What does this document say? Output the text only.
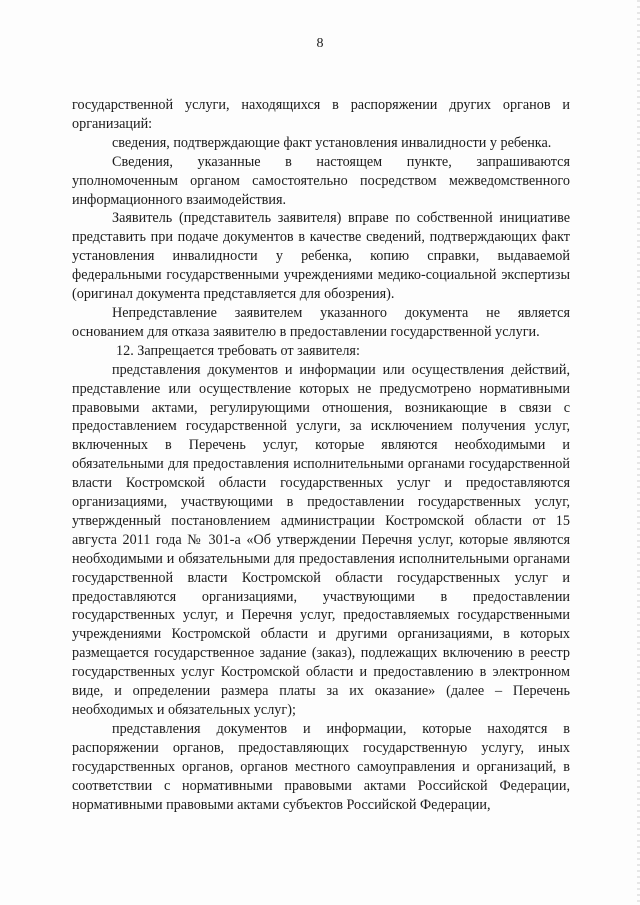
8

государственной услуги, находящихся в распоряжении других органов и организаций:

сведения, подтверждающие факт установления инвалидности у ребенка.

Сведения, указанные в настоящем пункте, запрашиваются уполномоченным органом самостоятельно посредством межведомственного информационного взаимодействия.

Заявитель (представитель заявителя) вправе по собственной инициативе представить при подаче документов в качестве сведений, подтверждающих факт установления инвалидности у ребенка, копию справки, выдаваемой федеральными государственными учреждениями медико-социальной экспертизы (оригинал документа представляется для обозрения).

Непредставление заявителем указанного документа не является основанием для отказа заявителю в предоставлении государственной услуги.

12. Запрещается требовать от заявителя:

представления документов и информации или осуществления действий, представление или осуществление которых не предусмотрено нормативными правовыми актами, регулирующими отношения, возникающие в связи с предоставлением государственной услуги, за исключением получения услуг, включенных в Перечень услуг, которые являются необходимыми и обязательными для предоставления исполнительными органами государственной власти Костромской области государственных услуг и предоставляются организациями, участвующими в предоставлении государственных услуг, утвержденный постановлением администрации Костромской области от 15 августа 2011 года № 301-а «Об утверждении Перечня услуг, которые являются необходимыми и обязательными для предоставления исполнительными органами государственной власти Костромской области государственных услуг и предоставляются организациями, участвующими в предоставлении государственных услуг, и Перечня услуг, предоставляемых государственными учреждениями Костромской области и другими организациями, в которых размещается государственное задание (заказ), подлежащих включению в реестр государственных услуг Костромской области и предоставлению в электронном виде, и определении размера платы за их оказание» (далее – Перечень необходимых и обязательных услуг);

представления документов и информации, которые находятся в распоряжении органов, предоставляющих государственную услугу, иных государственных органов, органов местного самоуправления и организаций, в соответствии с нормативными правовыми актами Российской Федерации, нормативными правовыми актами субъектов Российской Федерации,
